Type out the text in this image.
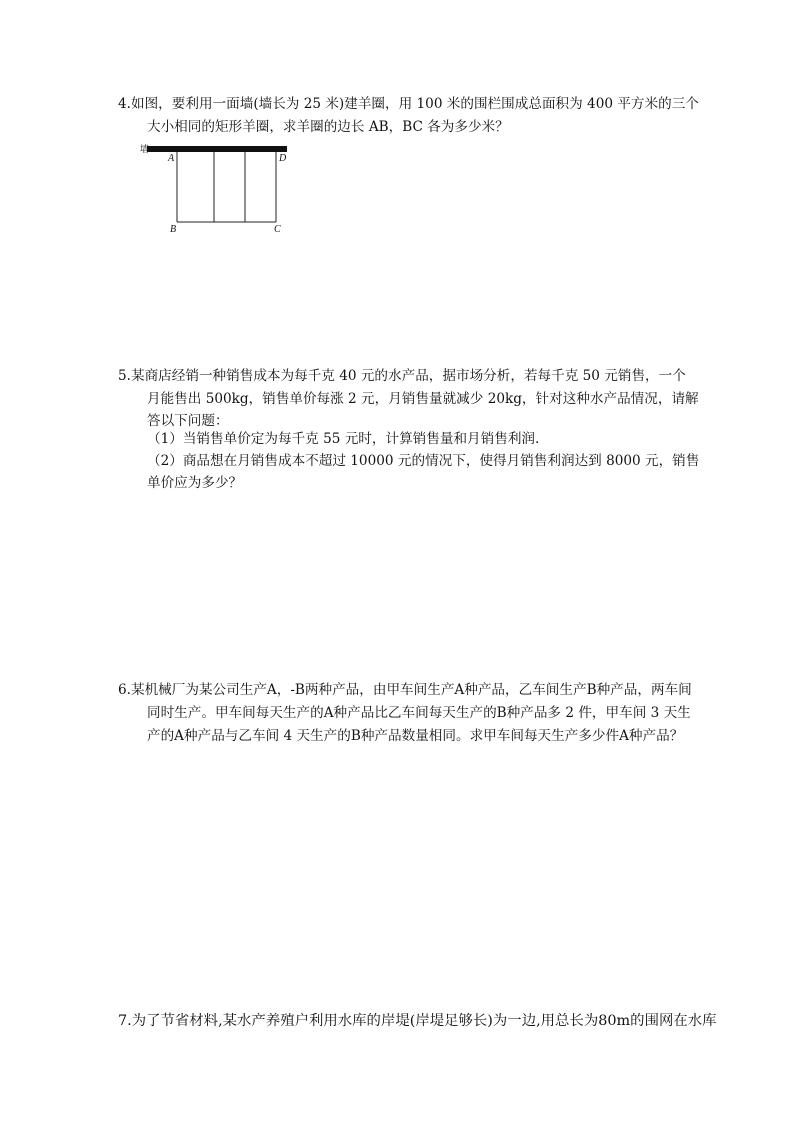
4.如图，要利用一面墙(墙长为 25 米)建羊圈，用 100 米的围栏围成总面积为 400 平方米的三个
大小相同的矩形羊圈，求羊圈的边长 AB，BC 各为多少米？
墙
A	D
B	C
5.某商店经销一种销售成本为每千克 40 元的水产品，据市场分析，若每千克 50 元销售，一个
月能售出 500kg，销售单价每涨 2 元，月销售量就减少 20kg，针对这种水产品情况，请解
答以下问题：
（1）当销售单价定为每千克 55 元时，计算销售量和月销售利润.
（2）商品想在月销售成本不超过 10000 元的情况下，使得月销售利润达到 8000 元，销售
单价应为多少？
6.某机械厂为某公司生产A，-B两种产品，由甲车间生产A种产品，乙车间生产B种产品，两车间
同时生产。甲车间每天生产的A种产品比乙车间每天生产的B种产品多 2 件，甲车间 3 天生
产的A种产品与乙车间 4 天生产的B种产品数量相同。求甲车间每天生产多少件A种产品？
7.为了节省材料,某水产养殖户利用水库的岸堤(岸堤足够长)为一边,用总长为80m的围网在水库
